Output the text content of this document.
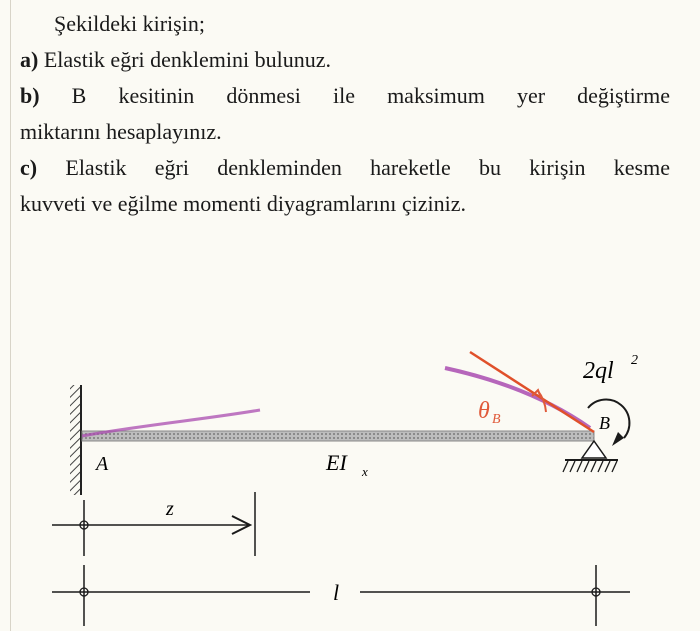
Şekildeki kirişin;

a) Elastik eğri denklemini bulunuz.

b) B kesitinin dönmesi ile maksimum yer değiştirme

miktarını hesaplayınız.

c) Elastik eğri denkleminden hareketle bu kirişin kesme

kuvveti ve eğilme momenti diyagramlarını çiziniz.

θ B
2ql 2
B
A	EI x
z
l
